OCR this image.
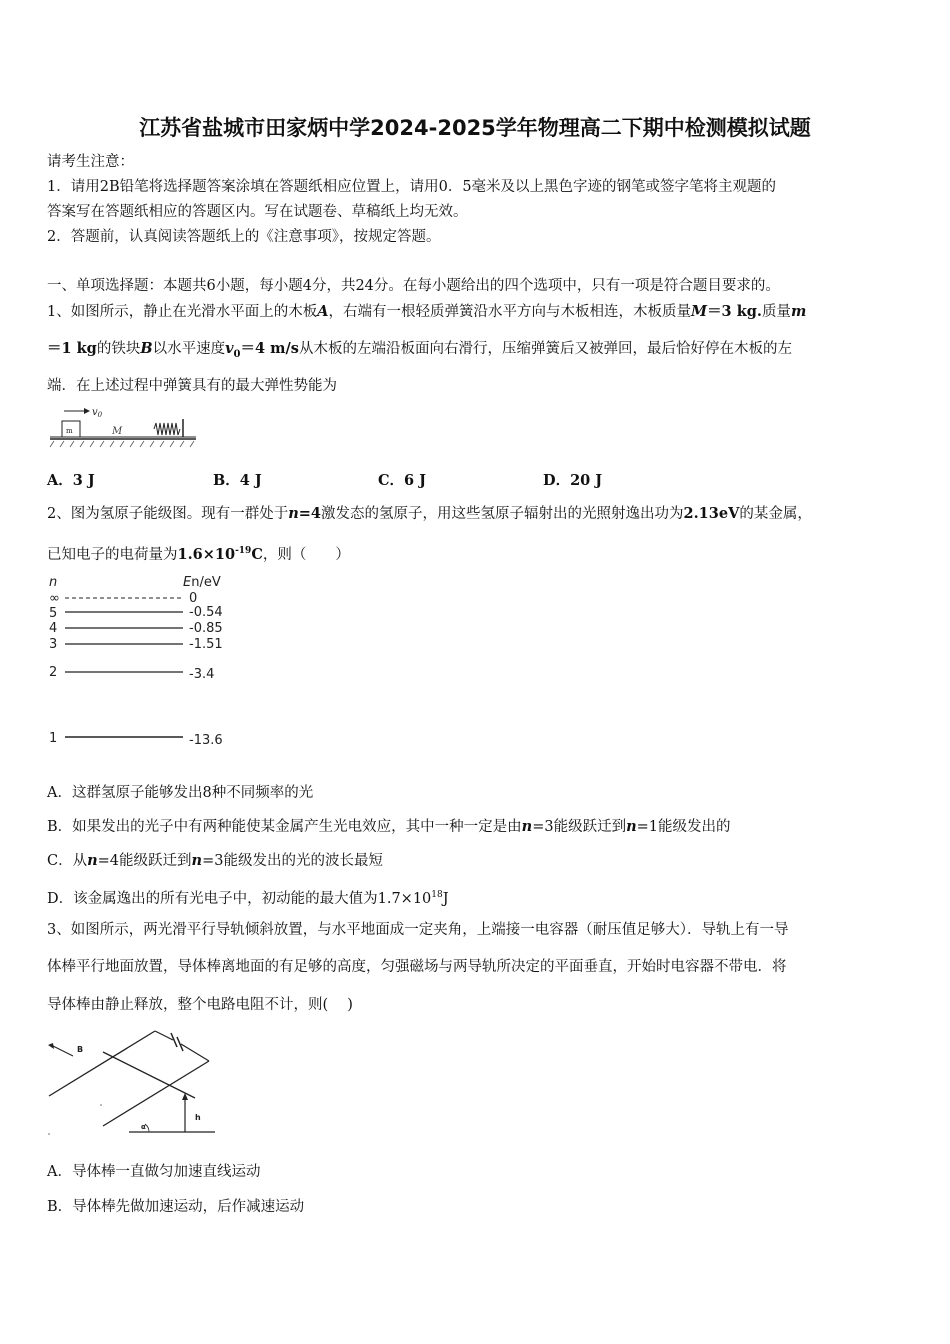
江苏省盐城市田家炳中学2024-2025学年物理高二下期中检测模拟试题
请考生注意：
1．请用2B铅笔将选择题答案涂填在答题纸相应位置上，请用0．5毫米及以上黑色字迹的钢笔或签字笔将主观题的
答案写在答题纸相应的答题区内。写在试题卷、草稿纸上均无效。
2．答题前，认真阅读答题纸上的《注意事项》，按规定答题。
一、单项选择题：本题共6小题，每小题4分，共24分。在每小题给出的四个选项中，只有一项是符合题目要求的。
1、如图所示，静止在光滑水平面上的木板A，右端有一根轻质弹簧沿水平方向与木板相连，木板质量M＝3 kg.质量m
＝1 kg的铁块B以水平速度$v_0=4$ m/s从木板的左端沿板面向右滑行，压缩弹簧后又被弹回，最后恰好停在木板的左
端．在上述过程中弹簧具有的最大弹性势能为
$v_0$
m	M
A．3 J	B．4 J	C．6 J	D．20 J
2、图为氢原子能级图。现有一群处于n=4激发态的氢原子，用这些氢原子辐射出的光照射逸出功为2.13eV的某金属，
已知电子的电荷量为$1.6\times 10^{-19}C$，则（　　）
n	En/eV
∞	0
5	-0.54
4	-0.85
3	-1.51
2	-3.4
1	-13.6
A．这群氢原子能够发出8种不同频率的光
B．如果发出的光子中有两种能使某金属产生光电效应，其中一种一定是由n=3能级跃迁到n=1能级发出的
C．从n=4能级跃迁到n=3能级发出的光的波长最短
D．该金属逸出的所有光电子中，初动能的最大值为$1.7\times 10^{18}J$
3、如图所示，两光滑平行导轨倾斜放置，与水平地面成一定夹角，上端接一电容器（耐压值足够大）．导轨上有一导
体棒平行地面放置，导体棒离地面的有足够的高度，匀强磁场与两导轨所决定的平面垂直，开始时电容器不带电．将
导体棒由静止释放，整个电路电阻不计，则(　 )
B
h
α
A．导体棒一直做匀加速直线运动
B．导体棒先做加速运动，后作减速运动
